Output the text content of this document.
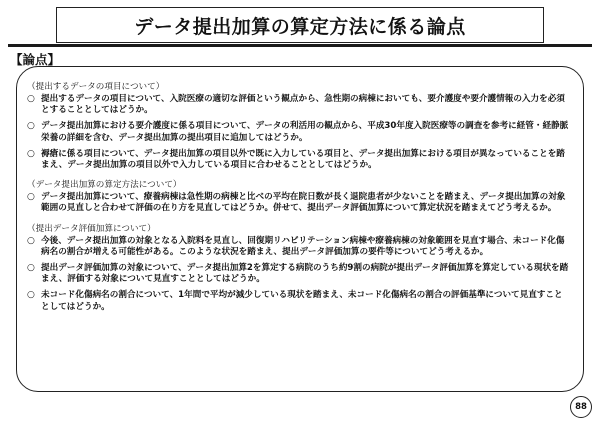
データ提出加算の算定方法に係る論点
【論点】
（提出するデータの項目について）
○ 提出するデータの項目について、入院医療の適切な評価という観点から、急性期の病棟においても、要介護度や要介護情報の入力を必須とすることとしてはどうか。
○ データ提出加算における要介護度に係る項目について、データの利活用の観点から、平成30年度入院医療等の調査を参考に経管・経静脈栄養の詳細を含む、データ提出加算の提出項目に追加してはどうか。
○ 褥瘡に係る項目について、データ提出加算の項目以外で既に入力している項目と、データ提出加算における項目が異なっていることを踏まえ、データ提出加算の項目以外で入力している項目に合わせることとしてはどうか。
（データ提出加算の算定方法について）
○ データ提出加算について、療養病棟は急性期の病棟と比べの平均在院日数が長く退院患者が少ないことを踏まえ、データ提出加算の対象範囲の見直しと合わせて評価の在り方を見直してはどうか。併せて、提出データ評価加算について算定状況を踏まえてどう考えるか。
（提出データ評価加算について）
○ 今後、データ提出加算の対象となる入院料を見直し、回復期リハビリテーション病棟や療養病棟の対象範囲を見直す場合、未コード化傷病名の割合が増える可能性がある。このような状況を踏まえ、提出データ評価加算の要件等についてどう考えるか。
○ 提出データ評価加算の対象について、データ提出加算2を算定する病院のうち約9割の病院が提出データ評価加算を算定している現状を踏まえ、評価する対象について見直すこととしてはどうか。
○ 未コード化傷病名の割合について、1年間で平均が減少している現状を踏まえ、未コード化傷病名の割合の評価基準について見直すこととしてはどうか。
88
